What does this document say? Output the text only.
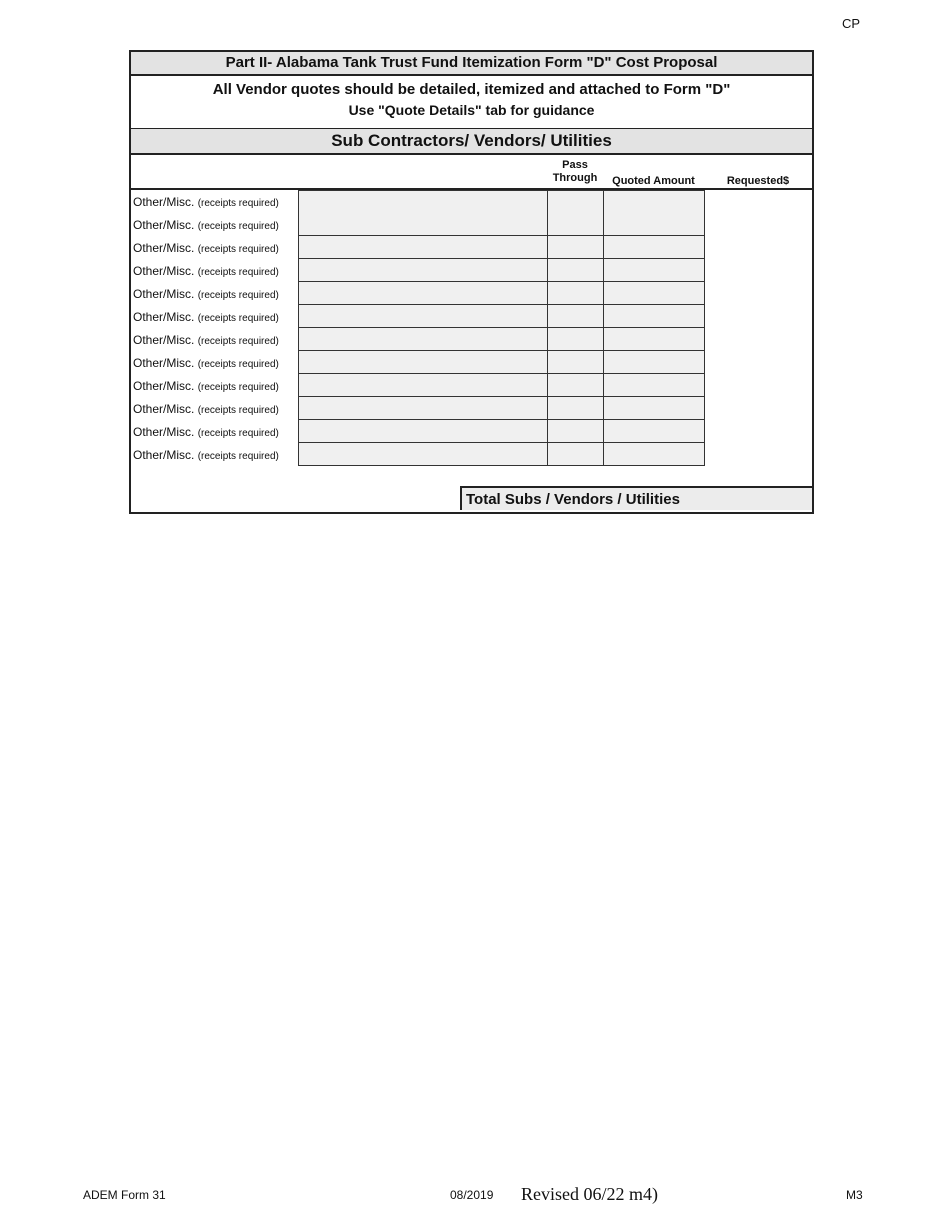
CP
Part II- Alabama Tank Trust Fund Itemization Form "D" Cost Proposal
All Vendor quotes should be detailed, itemized and attached to Form "D"
Use "Quote Details" tab for guidance
Sub Contractors/ Vendors/ Utilities
Pass
Through	Quoted Amount	Requested$
Other/Misc. (receipts required)
Other/Misc. (receipts required)
Other/Misc. (receipts required)
Other/Misc. (receipts required)
Other/Misc. (receipts required)
Other/Misc. (receipts required)
Other/Misc. (receipts required)
Other/Misc. (receipts required)
Other/Misc. (receipts required)
Other/Misc. (receipts required)
Other/Misc. (receipts required)
Other/Misc. (receipts required)
Total Subs / Vendors / Utilities
ADEM Form 31	08/2019 Revised 06/22 m4)	M3
